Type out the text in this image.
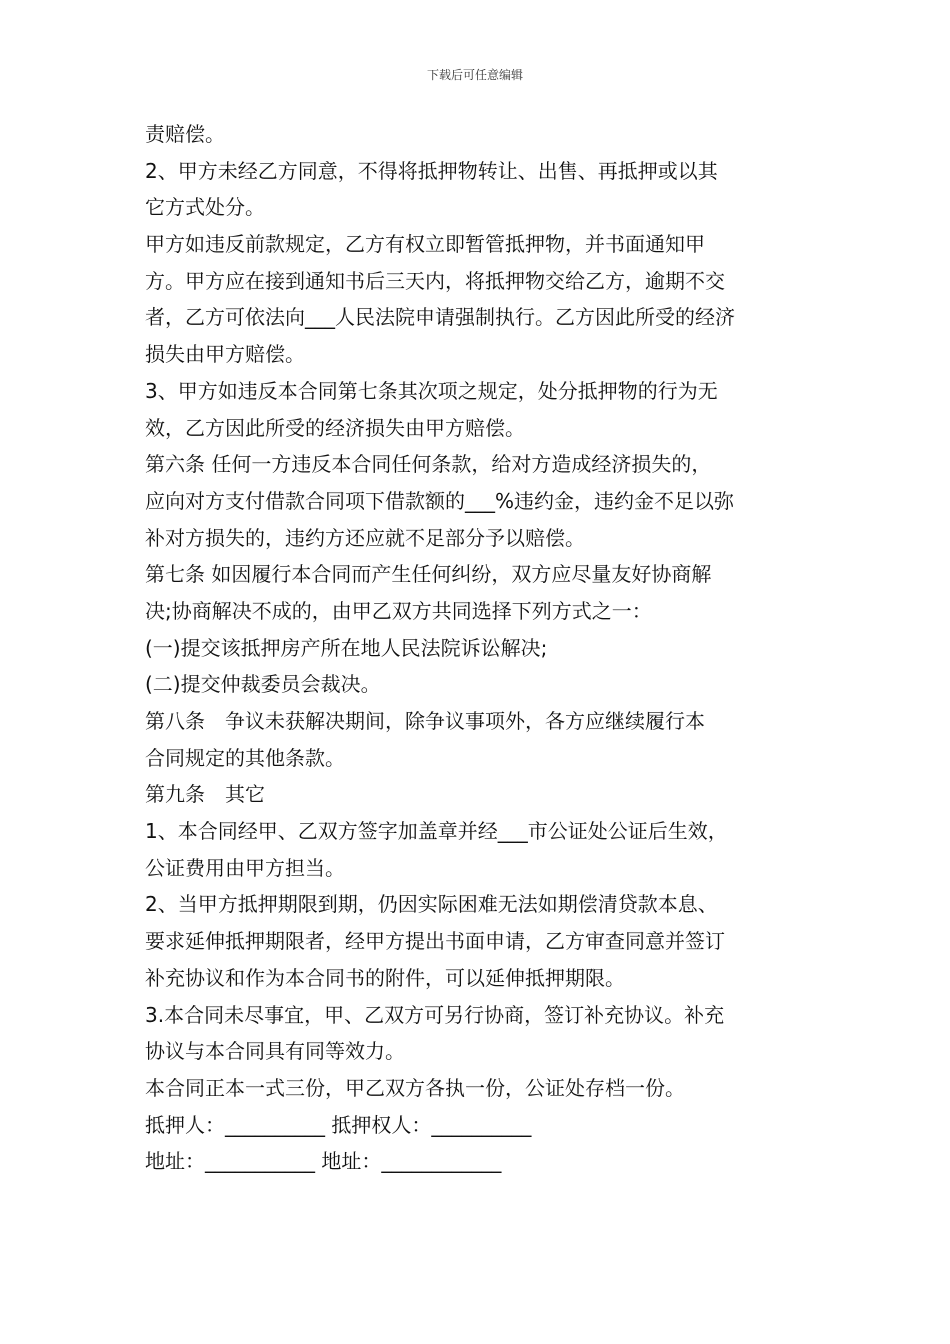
下载后可任意编辑
责赔偿。
2、甲方未经乙方同意，不得将抵押物转让、出售、再抵押或以其
它方式处分。
甲方如违反前款规定，乙方有权立即暂管抵押物，并书面通知甲
方。甲方应在接到通知书后三天内，将抵押物交给乙方，逾期不交
者，乙方可依法向___人民法院申请强制执行。乙方因此所受的经济
损失由甲方赔偿。
3、甲方如违反本合同第七条其次项之规定，处分抵押物的行为无
效，乙方因此所受的经济损失由甲方赔偿。
第六条 任何一方违反本合同任何条款，给对方造成经济损失的，
应向对方支付借款合同项下借款额的___%违约金，违约金不足以弥
补对方损失的，违约方还应就不足部分予以赔偿。
第七条 如因履行本合同而产生任何纠纷，双方应尽量友好协商解
决;协商解决不成的，由甲乙双方共同选择下列方式之一：
(一)提交该抵押房产所在地人民法院诉讼解决;
(二)提交仲裁委员会裁决。
第八条　争议未获解决期间，除争议事项外，各方应继续履行本
合同规定的其他条款。
第九条　其它
1、本合同经甲、乙双方签字加盖章并经___市公证处公证后生效，
公证费用由甲方担当。
2、当甲方抵押期限到期，仍因实际困难无法如期偿清贷款本息、
要求延伸抵押期限者，经甲方提出书面申请，乙方审查同意并签订
补充协议和作为本合同书的附件，可以延伸抵押期限。
3.本合同未尽事宜，甲、乙双方可另行协商，签订补充协议。补充
协议与本合同具有同等效力。
本合同正本一式三份，甲乙双方各执一份，公证处存档一份。
抵押人：__________ 抵押权人：__________
地址：___________ 地址：____________
